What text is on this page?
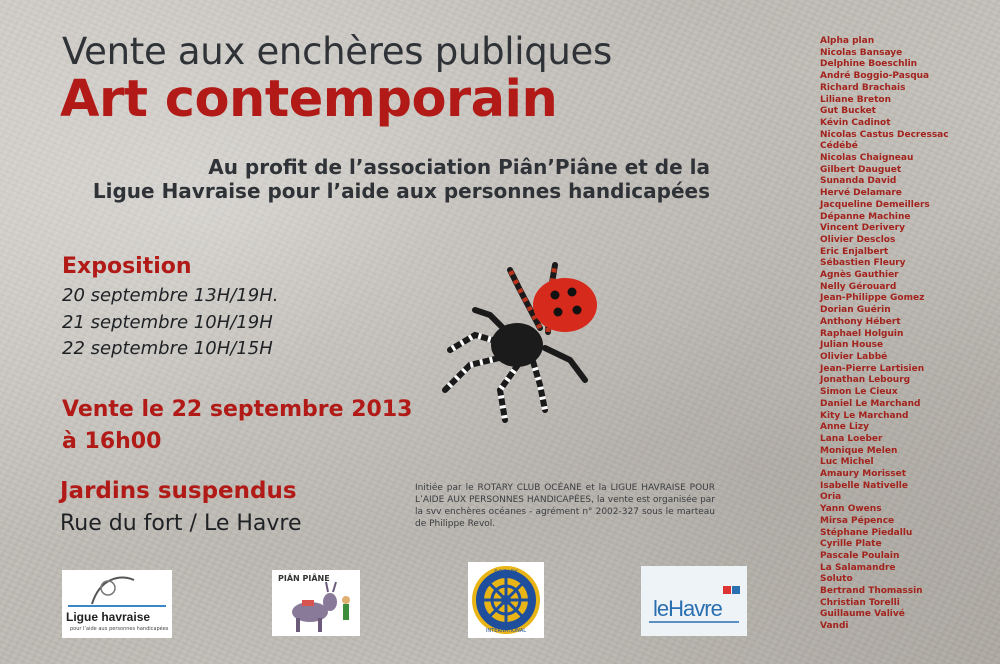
Vente aux enchères publiques
Art contemporain
Au profit de l’association Piân’Piâne et de la
Ligue Havraise pour l’aide aux personnes handicapées
Exposition
20 septembre 13H/19H.
21 septembre 10H/19H
22 septembre 10H/15H
Vente le 22 septembre 2013
à 16h00
Jardins suspendus
Rue du fort / Le Havre
Initiée par le ROTARY CLUB OCÉANE et la LIGUE HAVRAISE POUR L’AIDE AUX PERSONNES HANDICAPÉES, la vente est organisée par la svv enchères océanes - agrément n° 2002-327 sous le marteau de Philippe Revol.
Alpha plan
Nicolas Bansaye
Delphine Boeschlin
André Boggio-Pasqua
Richard Brachais
Liliane Breton
Gut Bucket
Kévin Cadinot
Nicolas Castus Decressac
Cédébé
Nicolas Chaigneau
Gilbert Dauguet
Sunanda David
Hervé Delamare
Jacqueline Demeillers
Dépanne Machine
Vincent Derivery
Olivier Desclos
Eric Enjalbert
Sébastien Fleury
Agnès Gauthier
Nelly Gérouard
Jean-Philippe Gomez
Dorian Guérin
Anthony Hébert
Raphael Holguin
Julian House
Olivier Labbé
Jean-Pierre Lartisien
Jonathan Lebourg
Simon Le Cieux
Daniel Le Marchand
Kity Le Marchand
Anne Lizy
Lana Loeber
Monique Melen
Luc Michel
Amaury Morisset
Isabelle Nativelle
Oria
Yann Owens
Mirsa Pépence
Stéphane Piedallu
Cyrille Plate
Pascale Poulain
La Salamandre
Soluto
Bertrand Thomassin
Christian Torelli
Guillaume Valivé
Vandi
Ligue havraise
pour l’aide aux personnes handicapées
PIÂN PIÂNE
ROTARY
INTERNATIONAL
leHavre
